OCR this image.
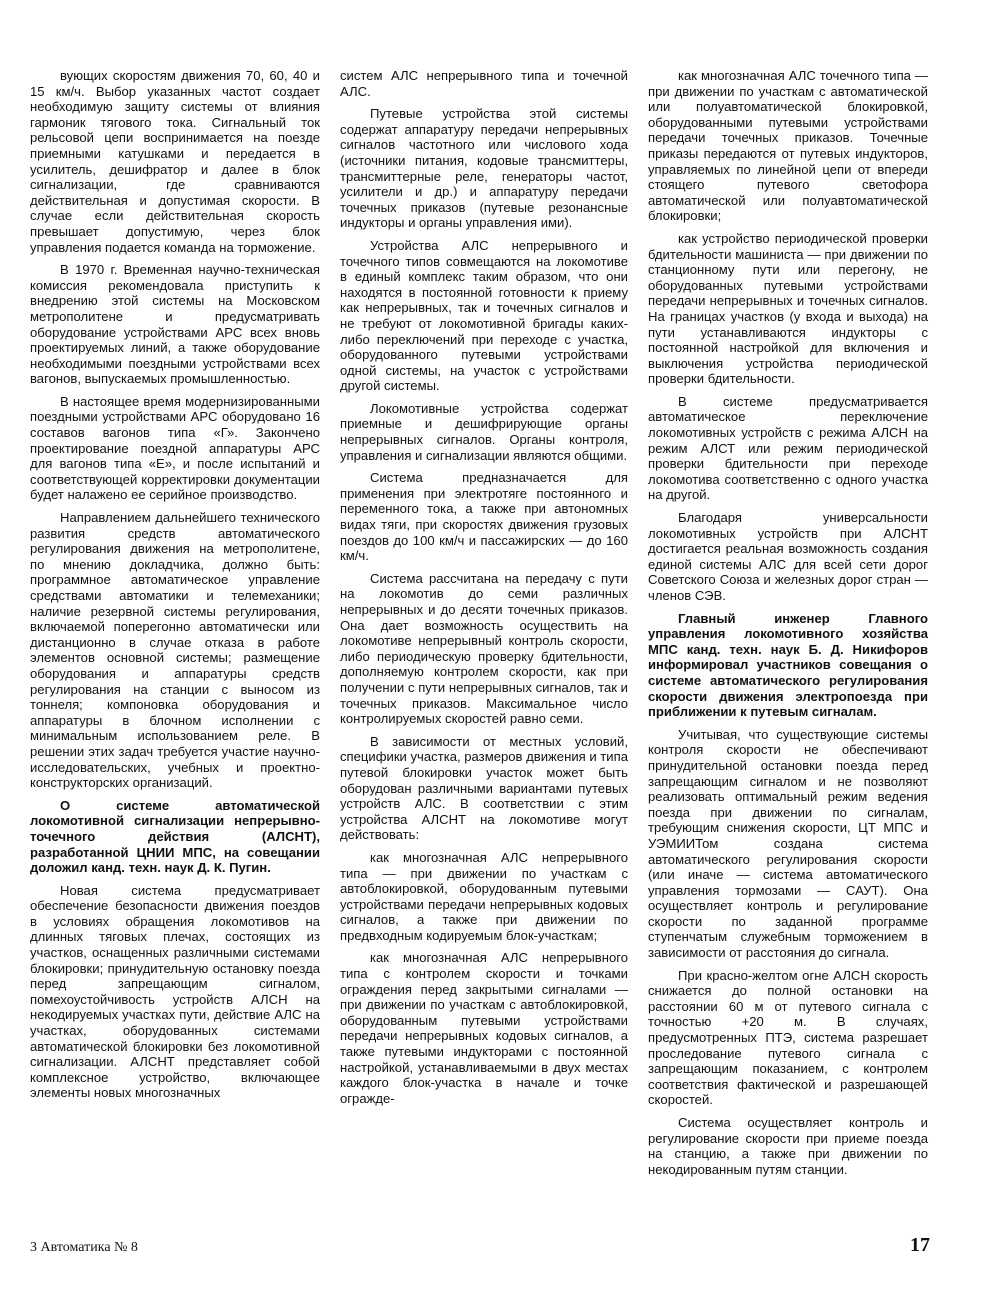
вующих скоростям движения 70, 60, 40 и 15 км/ч. Выбор указанных частот создает необходимую защиту системы от влияния гармоник тягового тока. Сигнальный ток рельсовой цепи воспринимается на поезде приемными катушками и передается в усилитель, дешифратор и далее в блок сигнализации, где сравниваются действительная и допустимая скорости. В случае если действительная скорость превышает допустимую, через блок управления подается команда на торможение.

В 1970 г. Временная научно-техническая комиссия рекомендовала приступить к внедрению этой системы на Московском метрополитене и предусматривать оборудование устройствами АРС всех вновь проектируемых линий, а также оборудование необходимыми поездными устройствами всех вагонов, выпускаемых промышленностью.

В настоящее время модернизированными поездными устройствами АРС оборудовано 16 составов вагонов типа «Г». Закончено проектирование поездной аппаратуры АРС для вагонов типа «Е», и после испытаний и соответствующей корректировки документации будет налажено ее серийное производство.

Направлением дальнейшего технического развития средств автоматического регулирования движения на метрополитене, по мнению докладчика, должно быть: программное автоматическое управление средствами автоматики и телемеханики; наличие резервной системы регулирования, включаемой поперегонно автоматически или дистанционно в случае отказа в работе элементов основной системы; размещение оборудования и аппаратуры средств регулирования на станции с выносом из тоннеля; компоновка оборудования и аппаратуры в блочном исполнении с минимальным использованием реле. В решении этих задач требуется участие научно-исследовательских, учебных и проектно-конструкторских организаций.

О системе автоматической локомотивной сигнализации непрерывно-точечного действия (АЛСНТ), разработанной ЦНИИ МПС, на совещании доложил канд. техн. наук Д. К. Пугин.

Новая система предусматривает обеспечение безопасности движения поездов в условиях обращения локомотивов на длинных тяговых плечах, состоящих из участков, оснащенных различными системами блокировки; принудительную остановку поезда перед запрещающим сигналом, помехоустойчивость устройств АЛСН на некодируемых участках пути, действие АЛС на участках, оборудованных системами автоматической блокировки без локомотивной сигнализации. АЛСНТ представляет собой комплексное устройство, включающее элементы новых многозначных

систем АЛС непрерывного типа и точечной АЛС.

Путевые устройства этой системы содержат аппаратуру передачи непрерывных сигналов частотного или числового хода (источники питания, кодовые трансмиттеры, трансмиттерные реле, генераторы частот, усилители и др.) и аппаратуру передачи точечных приказов (путевые резонансные индукторы и органы управления ими).

Устройства АЛС непрерывного и точечного типов совмещаются на локомотиве в единый комплекс таким образом, что они находятся в постоянной готовности к приему как непрерывных, так и точечных сигналов и не требуют от локомотивной бригады каких-либо переключений при переходе с участка, оборудованного путевыми устройствами одной системы, на участок с устройствами другой системы.

Локомотивные устройства содержат приемные и дешифрирующие органы непрерывных сигналов. Органы контроля, управления и сигнализации являются общими.

Система предназначается для применения при электротяге постоянного и переменного тока, а также при автономных видах тяги, при скоростях движения грузовых поездов до 100 км/ч и пассажирских — до 160 км/ч.

Система рассчитана на передачу с пути на локомотив до семи различных непрерывных и до десяти точечных приказов. Она дает возможность осуществить на локомотиве непрерывный контроль скорости, либо периодическую проверку бдительности, дополняемую контролем скорости, как при получении с пути непрерывных сигналов, так и точечных приказов. Максимальное число контролируемых скоростей равно семи.

В зависимости от местных условий, специфики участка, размеров движения и типа путевой блокировки участок может быть оборудован различными вариантами путевых устройств АЛС. В соответствии с этим устройства АЛСНТ на локомотиве могут действовать:

как многозначная АЛС непрерывного типа — при движении по участкам с автоблокировкой, оборудованным путевыми устройствами передачи непрерывных кодовых сигналов, а также при движении по предвходным кодируемым блок-участкам;

как многозначная АЛС непрерывного типа с контролем скорости и точками ограждения перед закрытыми сигналами — при движении по участкам с автоблокировкой, оборудованным путевыми устройствами передачи непрерывных кодовых сигналов, а также путевыми индукторами с постоянной настройкой, устанавливаемыми в двух местах каждого блок-участка в начале и точке огражде-

как многозначная АЛС точечного типа — при движении по участкам с автоматической или полуавтоматической блокировкой, оборудованными путевыми устройствами передачи точечных приказов. Точечные приказы передаются от путевых индукторов, управляемых по линейной цепи от впереди стоящего путевого светофора автоматической или полуавтоматической блокировки;

как устройство периодической проверки бдительности машиниста — при движении по станционному пути или перегону, не оборудованных путевыми устройствами передачи непрерывных и точечных сигналов. На границах участков (у входа и выхода) на пути устанавливаются индукторы с постоянной настройкой для включения и выключения устройства периодической проверки бдительности.

В системе предусматривается автоматическое переключение локомотивных устройств с режима АЛСН на режим АЛСТ или режим периодической проверки бдительности при переходе локомотива соответственно с одного участка на другой.

Благодаря универсальности локомотивных устройств при АЛСНТ достигается реальная возможность создания единой системы АЛС для всей сети дорог Советского Союза и железных дорог стран — членов СЭВ.

Главный инженер Главного управления локомотивного хозяйства МПС канд. техн. наук Б. Д. Никифоров информировал участников совещания о системе автоматического регулирования скорости движения электропоезда при приближении к путевым сигналам.

Учитывая, что существующие системы контроля скорости не обеспечивают принудительной остановки поезда перед запрещающим сигналом и не позволяют реализовать оптимальный режим ведения поезда при движении по сигналам, требующим снижения скорости, ЦТ МПС и УЭМИИТом создана система автоматического регулирования скорости (или иначе — система автоматического управления тормозами — САУТ). Она осуществляет контроль и регулирование скорости по заданной программе ступенчатым служебным торможением в зависимости от расстояния до сигнала.

При красно-желтом огне АЛСН скорость снижается до полной остановки на расстоянии 60 м от путевого сигнала с точностью +20 м. В случаях, предусмотренных ПТЭ, система разрешает проследование путевого сигнала с запрещающим показанием, с контролем соответствия фактической и разрешающей скоростей.

Система осуществляет контроль и регулирование скорости при приеме поезда на станцию, а также при движении по некодированным путям станции.

3 Автоматика № 8	17
